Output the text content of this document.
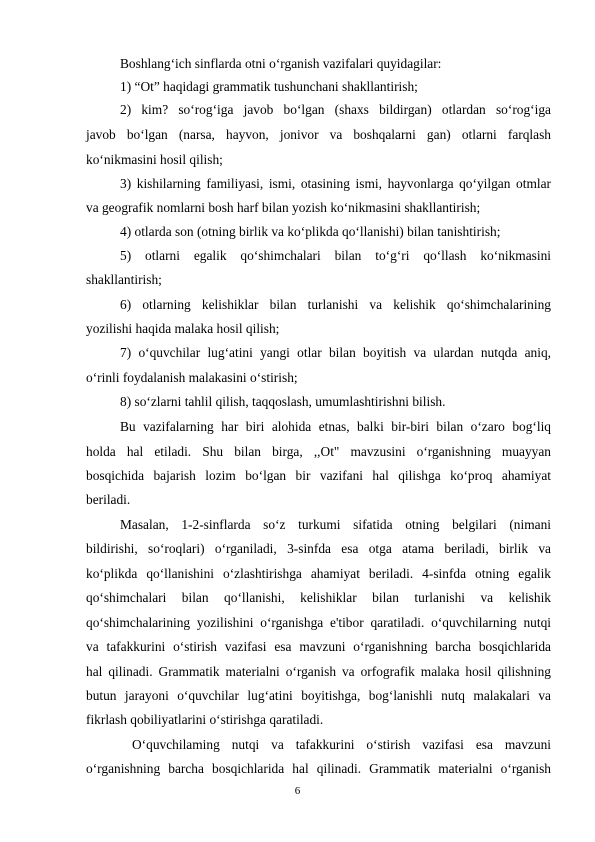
Boshlang‘ich sinflarda otni o‘rganish vazifalari quyidagilar:
1) “Ot” haqidagi grammatik tushunchani shakllantirish;
2) kim? so‘rog‘iga javob bo‘lgan (shaxs bildirgan) otlardan so‘rog‘iga
javob bo‘lgan (narsa, hayvon, jonivor va boshqalarni gan) otlarni farqlash
ko‘nikmasini hosil qilish;
3) kishilarning familiyasi, ismi, otasining ismi, hayvonlarga qo‘yilgan otmlar
va geografik nomlarni bosh harf bilan yozish ko‘nikmasini shakllantirish;
4) otlarda son (otning birlik va ko‘plikda qo‘llanishi) bilan tanishtirish;
5) otlarni egalik qo‘shimchalari bilan to‘g‘ri qo‘llash ko‘nikmasini
shakllantirish;
6) otlarning kelishiklar bilan turlanishi va kelishik qo‘shimchalarining
yozilishi haqida malaka hosil qilish;
7) o‘quvchilar lug‘atini yangi otlar bilan boyitish va ulardan nutqda aniq,
o‘rinli foydalanish malakasini o‘stirish;
8) so‘zlarni tahlil qilish, taqqoslash, umumlashtirishni bilish.
Bu vazifalarning har biri alohida etnas, balki bir-biri bilan o‘zaro bog‘liq
holda hal etiladi. Shu bilan birga, ,,Ot" mavzusini o‘rganishning muayyan
bosqichida bajarish lozim bo‘lgan bir vazifani hal qilishga ko‘proq ahamiyat
beriladi.
Masalan, 1-2-sinflarda so‘z turkumi sifatida otning belgilari (nimani
bildirishi, so‘roqlari) o‘rganiladi, 3-sinfda esa otga atama beriladi, birlik va
ko‘plikda qo‘llanishini o‘zlashtirishga ahamiyat beriladi. 4-sinfda otning egalik
qo‘shimchalari bilan qo‘llanishi, kelishiklar bilan turlanishi va kelishik
qo‘shimchalarining yozilishini o‘rganishga e'tibor qaratiladi. o‘quvchilarning nutqi
va tafakkurini o‘stirish vazifasi esa mavzuni o‘rganishning barcha bosqichlarida
hal qilinadi. Grammatik materialni o‘rganish va orfografik malaka hosil qilishning
butun jarayoni o‘quvchilar lug‘atini boyitishga, bog‘lanishli nutq malakalari va
fikrlash qobiliyatlarini o‘stirishga qaratiladi.
O‘quvchilaming nutqi va tafakkurini o‘stirish vazifasi esa mavzuni
o‘rganishning barcha bosqichlarida hal qilinadi. Grammatik materialni o‘rganish
6
